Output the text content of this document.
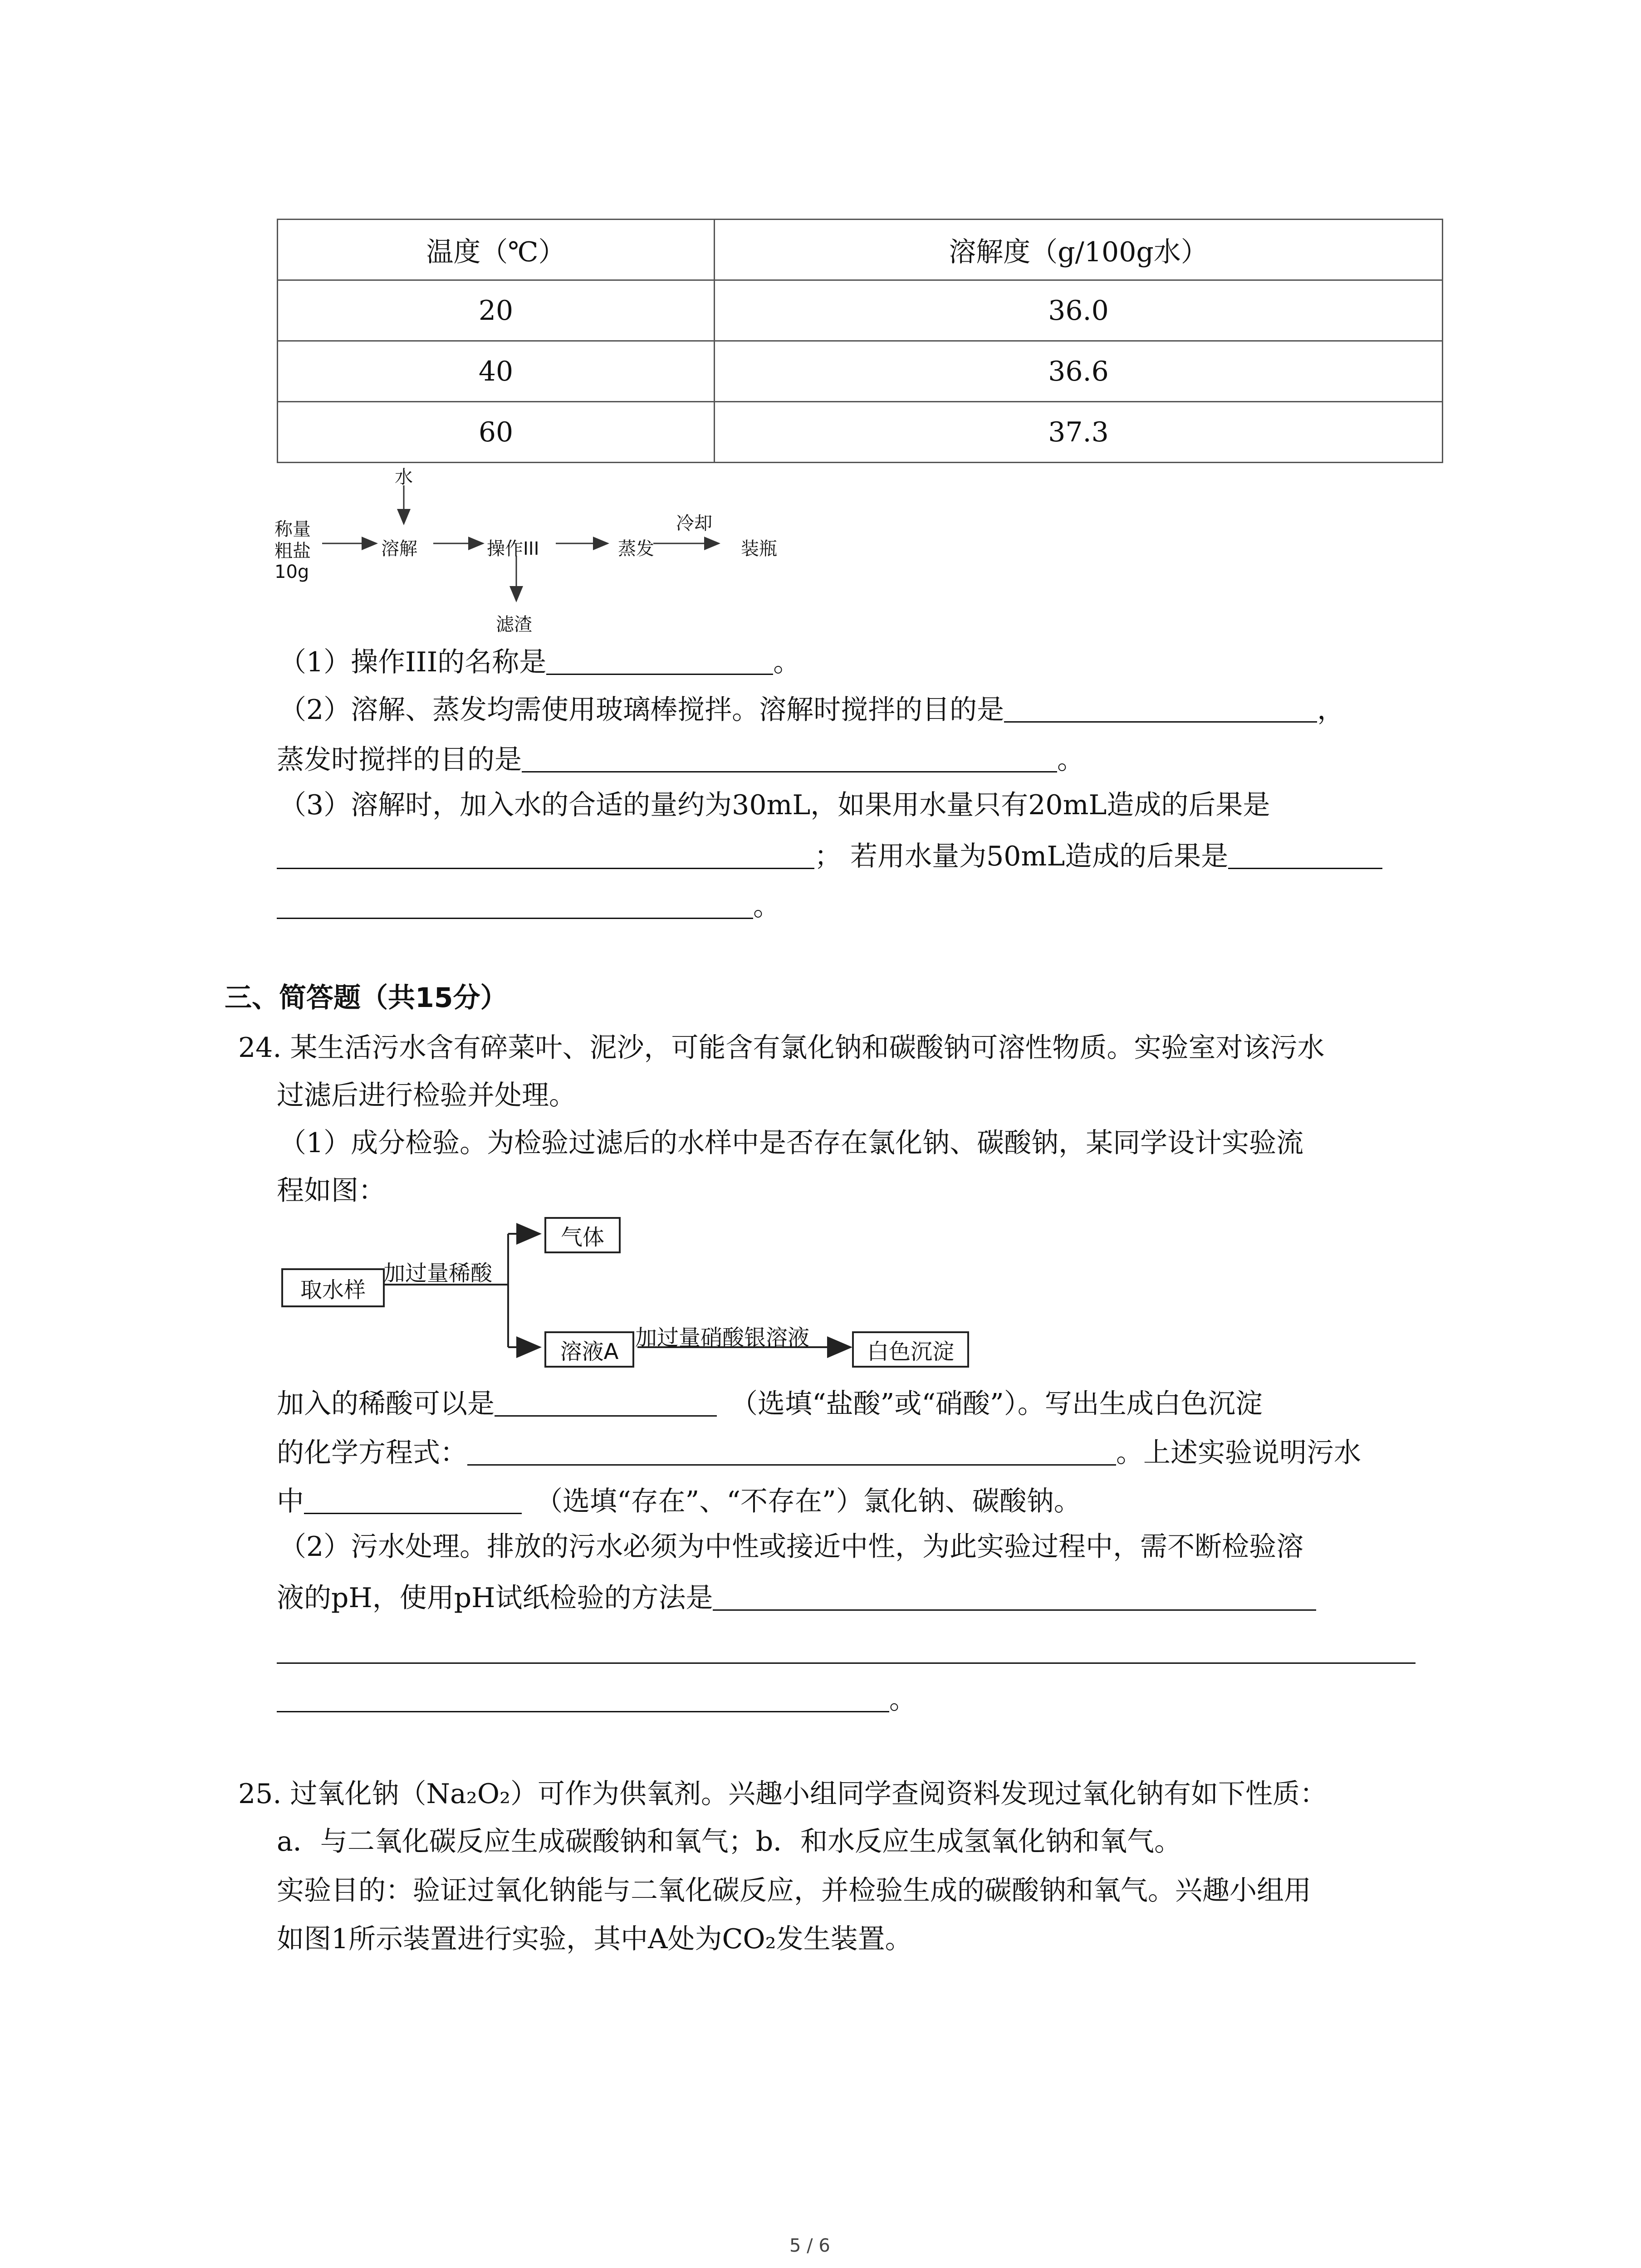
温度（℃）	溶解度（g/100g水）
20	36.0
40	36.6
60	37.3
水
称量
粗盐
10g
溶解	操作III	蒸发
冷却
装瓶
滤渣
（1）操作III的名称是	。
（2）溶解、蒸发均需使用玻璃棒搅拌。溶解时搅拌的目的是	，
蒸发时搅拌的目的是	。
（3）溶解时，加入水的合适的量约为30mL，如果用水量只有20mL造成的后果是
； 若用水量为50mL造成的后果是
。
三、简答题（共15分）
24. 某生活污水含有碎菜叶、泥沙，可能含有氯化钠和碳酸钠可溶性物质。实验室对该污水
过滤后进行检验并处理。
（1）成分检验。为检验过滤后的水样中是否存在氯化钠、碳酸钠，某同学设计实验流
程如图：
取水样
加过量稀酸
气体
溶液A
加过量硝酸银溶液
白色沉淀
加入的稀酸可以是	（选填“盐酸”或“硝酸”）。写出生成白色沉淀
的化学方程式：	。上述实验说明污水
中	（选填“存在”、“不存在”）氯化钠、碳酸钠。
（2）污水处理。排放的污水必须为中性或接近中性，为此实验过程中，需不断检验溶
液的pH，使用pH试纸检验的方法是
。
25. 过氧化钠（Na₂O₂）可作为供氧剂。兴趣小组同学查阅资料发现过氧化钠有如下性质：
a．与二氧化碳反应生成碳酸钠和氧气；b．和水反应生成氢氧化钠和氧气。
实验目的：验证过氧化钠能与二氧化碳反应，并检验生成的碳酸钠和氧气。兴趣小组用
如图1所示装置进行实验，其中A处为CO₂发生装置。
5 / 6
